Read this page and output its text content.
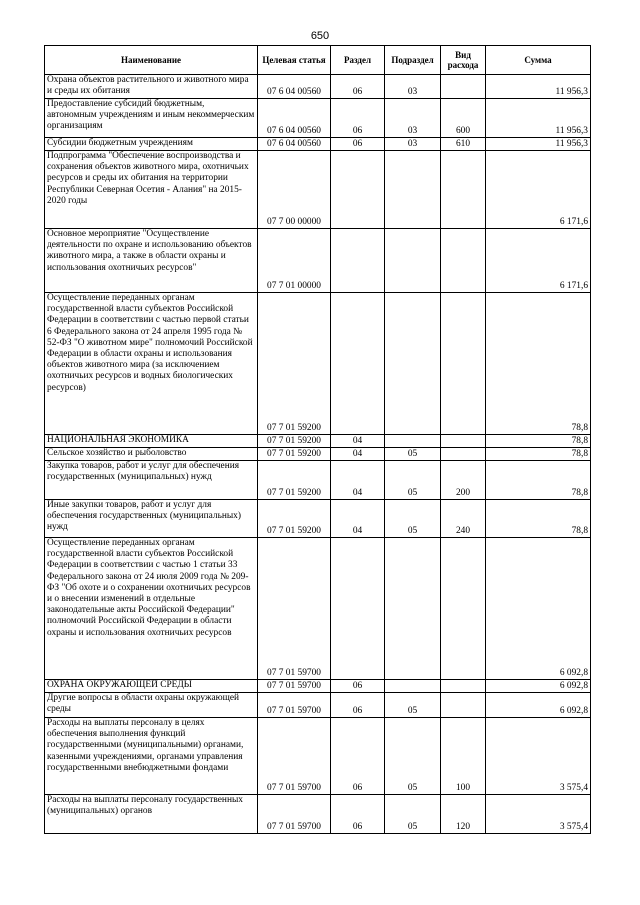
650
Наименование	Целевая статья	Раздел	Подраздел	Вид расхода	Сумма
Охрана объектов растительного и животного мира и среды их обитания	07 6 04 00560	06	03		11 956,3
Предоставление субсидий бюджетным, автономным учреждениям и иным некоммерческим организациям	07 6 04 00560	06	03	600	11 956,3
Субсидии бюджетным учреждениям	07 6 04 00560	06	03	610	11 956,3
Подпрограмма "Обеспечение воспроизводства и сохранения объектов животного мира, охотничьих ресурсов и среды их обитания на территории Республики Северная Осетия - Алания" на 2015-2020 годы	07 7 00 00000				6 171,6
Основное мероприятие "Осуществление деятельности по охране и использованию объектов животного мира, а также в области охраны и использования охотничьих ресурсов"	07 7 01 00000				6 171,6
Осуществление переданных органам государственной власти субъектов Российской Федерации в соответствии с частью первой статьи 6 Федерального закона от 24 апреля 1995 года № 52-ФЗ "О животном мире" полномочий Российской Федерации в области охраны и использования объектов животного мира (за исключением охотничьих ресурсов и водных биологических ресурсов)	07 7 01 59200				78,8
НАЦИОНАЛЬНАЯ ЭКОНОМИКА	07 7 01 59200	04			78,8
Сельское хозяйство и рыболовство	07 7 01 59200	04	05		78,8
Закупка товаров, работ и услуг для обеспечения государственных (муниципальных) нужд	07 7 01 59200	04	05	200	78,8
Иные закупки товаров, работ и услуг для обеспечения государственных (муниципальных) нужд	07 7 01 59200	04	05	240	78,8
Осуществление переданных органам государственной власти субъектов Российской Федерации в соответствии с частью 1 статьи 33 Федерального закона от 24 июля 2009 года № 209-ФЗ "Об охоте и о сохранении охотничьих ресурсов и о внесении изменений в отдельные законодательные акты Российской Федерации" полномочий Российской Федерации в области охраны и использования охотничьих ресурсов	07 7 01 59700				6 092,8
ОХРАНА ОКРУЖАЮЩЕЙ СРЕДЫ	07 7 01 59700	06			6 092,8
Другие вопросы в области охраны окружающей среды	07 7 01 59700	06	05		6 092,8
Расходы на выплаты персоналу в целях обеспечения выполнения функций государственными (муниципальными) органами, казенными учреждениями, органами управления государственными внебюджетными фондами	07 7 01 59700	06	05	100	3 575,4
Расходы на выплаты персоналу государственных (муниципальных) органов	07 7 01 59700	06	05	120	3 575,4
